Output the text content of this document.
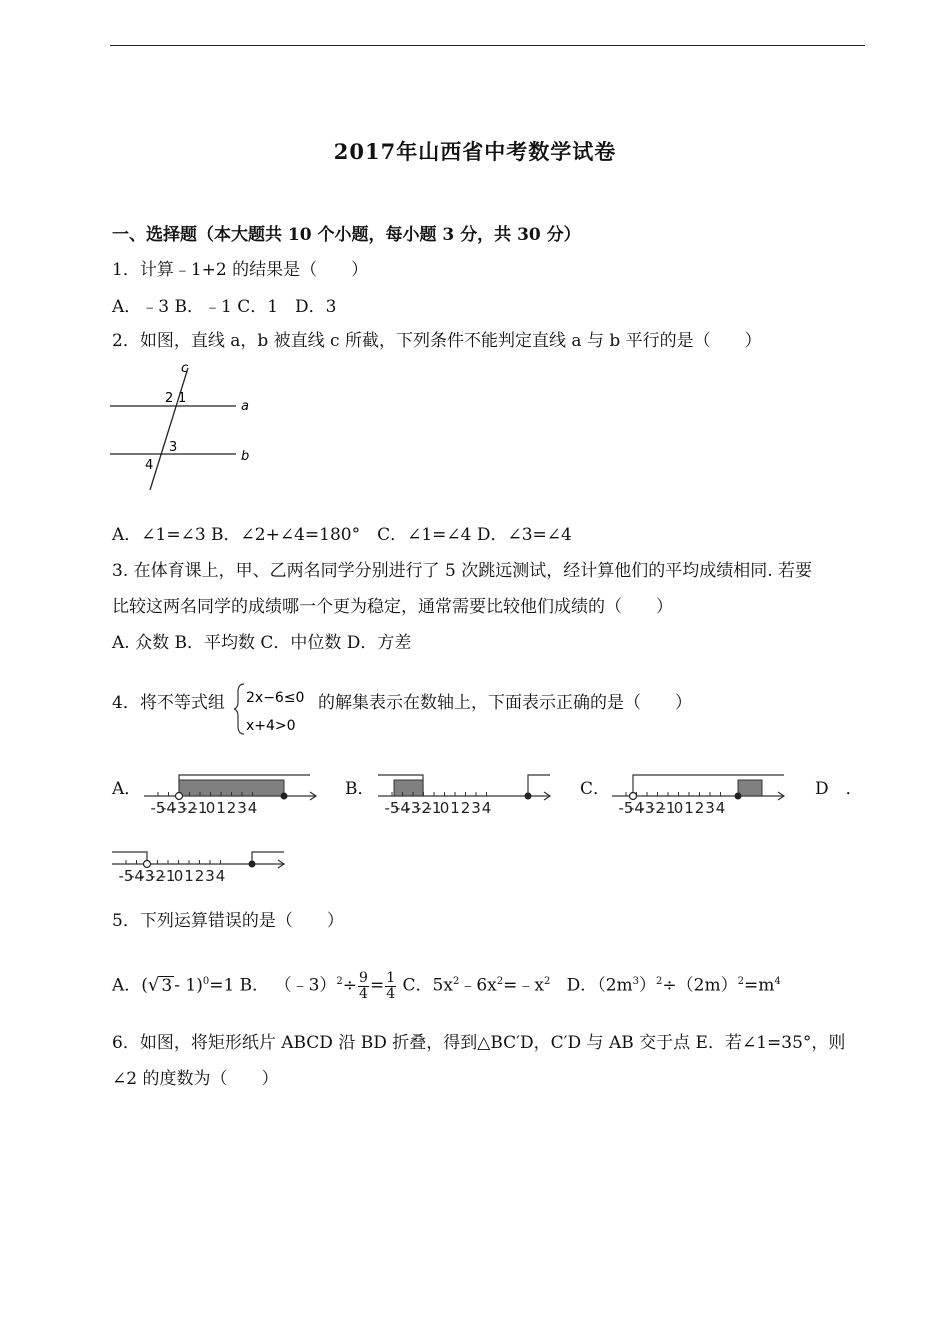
2017年山西省中考数学试卷
一、选择题（本大题共 10 个小题，每小题 3 分，共 30 分）
1．计算﹣1+2 的结果是（　　）
A．﹣3 B．﹣1 C．1　D．3
2．如图，直线 a，b 被直线 c 所截，下列条件不能判定直线 a 与 b 平行的是（　　）
c
a
b
2 1
3
4
A．∠1=∠3 B．∠2+∠4=180°　C．∠1=∠4 D．∠3=∠4
3. 在体育课上，甲、乙两名同学分别进行了 5 次跳远测试，经计算他们的平均成绩相同. 若要
比较这两名同学的成绩哪一个更为稳定，通常需要比较他们成绩的（　　）
A. 众数 B．平均数 C．中位数 D．方差
4．将不等式组 2x−6≤0
x+4>0
的解集表示在数轴上，下面表示正确的是（　　）
A．	B．	C．	D　．
-5
-4
-3
-2
-1
0 1 2 3 4	-5
-4
-3
-2
-1
0 1 2 3 4	-5
-4
-3
-2
-1
0 1 2 3 4
-5
-4
-3
-2
-1
0 1 2 3 4
5．下列运算错误的是（　　）
A．(√ 3 - 1)$^0$=1 B． （﹣3）$^2$÷ $\frac{9}{4} = \frac{1}{4}$ C．$5x^2﹣6x^2=﹣x^2$ D．$(2m^3)^2\div(2m)^2=m^4$
6．如图，将矩形纸片 ABCD 沿 BD 折叠，得到△BC′D，C′D 与 AB 交于点 E．若∠1=35°，则
∠2 的度数为（　　）
